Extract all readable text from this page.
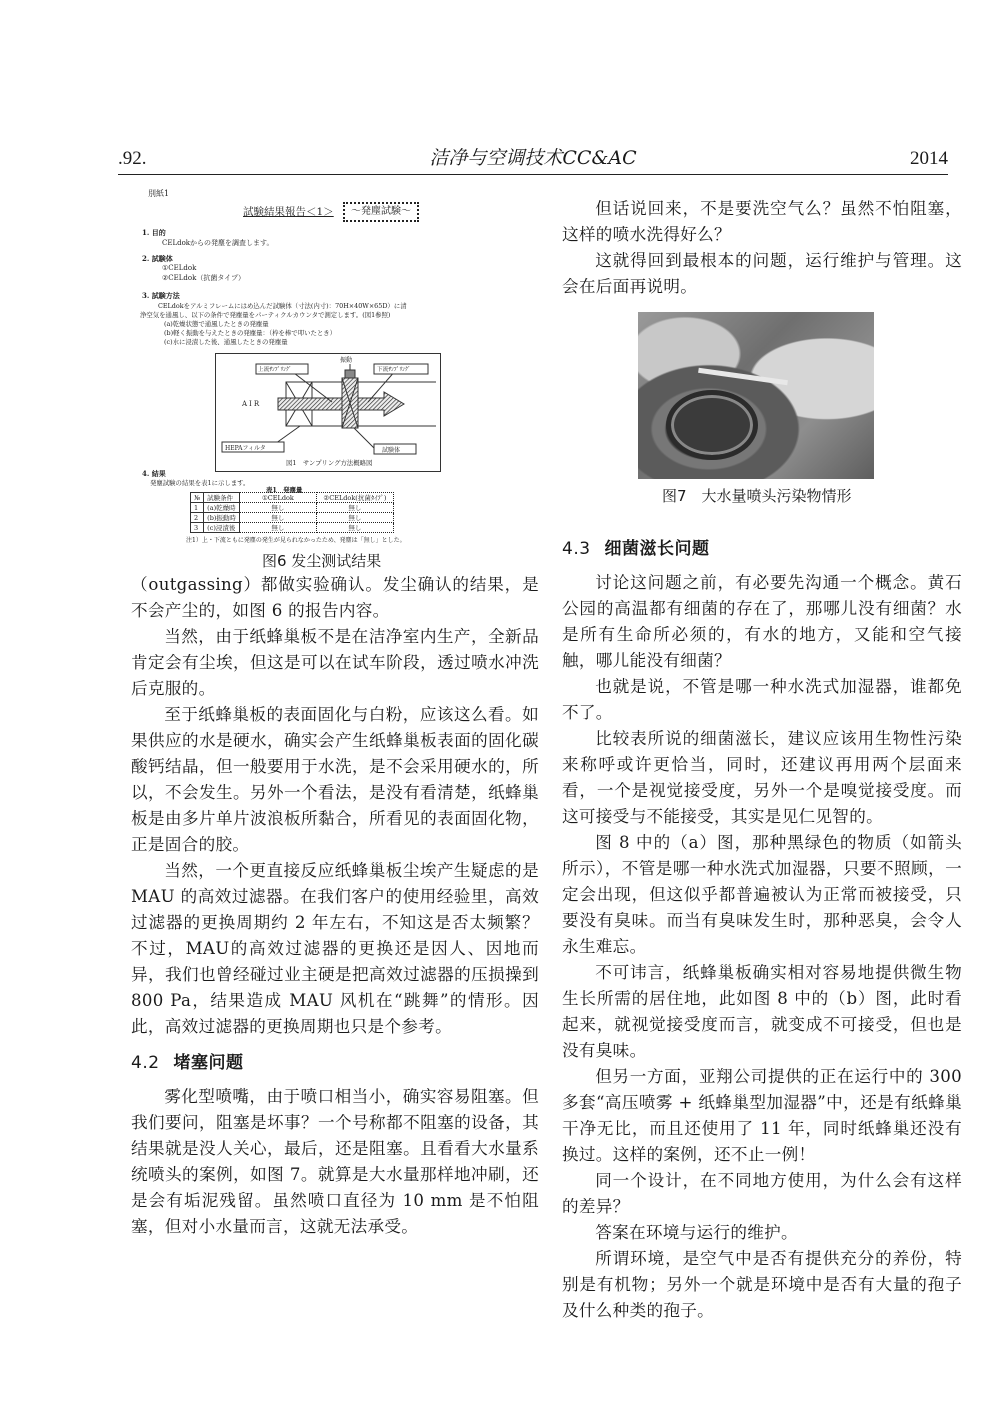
.92.	洁净与空调技术CC&AC	2014
別紙1
試験結果報告＜1＞	～発塵試験～
1. 目的
CELdokからの発塵を調査します。
2. 試験体
①CELdok
②CELdok（抗菌タイプ）
3. 試験方法
CELdokをアルミフレームにはめ込んだ試験体（寸法(内寸)：70H×40W×65D）に清
浄空気を通風し、以下の条件で発塵量をパーティクルカウンタで測定します。(図1参照)
(a)乾燥状態で通風したときの発塵量
(b)軽く振動を与えたときの発塵量：（枠を棒で叩いたとき）
(c)水に浸漬した後、通風したときの発塵量
振動
上流ｻﾝﾌﾟﾘﾝｸﾞ	下流ｻﾝﾌﾟﾘﾝｸﾞ
AIR
HEPAフィルタ	試験体
図1　サンプリング方法概略図
4. 結果
発塵試験の結果を表1に示します。
表1　発塵量
№	試験条件	①CELdok	②CELdok(抗菌ﾀｲﾌﾟ)
1	(a)乾燥時	無し	無し
2	(b)振動時	無し	無し
3	(c)浸漬後	無し	無し
注1）上・下流ともに発塵の発生が見られなかったため、発塵は「無し」とした。
图6 发尘测试结果
图7　大水量喷头污染物情形

（outgassing）都做实验确认。发尘确认的结果，是不会产尘的，如图 6 的报告内容。

当然，由于纸蜂巢板不是在洁净室内生产，全新品肯定会有尘埃，但这是可以在试车阶段，透过喷水冲洗后克服的。

至于纸蜂巢板的表面固化与白粉，应该这么看。如果供应的水是硬水，确实会产生纸蜂巢板表面的固化碳酸钙结晶，但一般要用于水洗，是不会采用硬水的，所以，不会发生。另外一个看法，是没有看清楚，纸蜂巢板是由多片单片波浪板所黏合，所看见的表面固化物，正是固合的胶。

当然，一个更直接反应纸蜂巢板尘埃产生疑虑的是 MAU 的高效过滤器。在我们客户的使用经验里，高效过滤器的更换周期约 2 年左右，不知这是否太频繁？不过，MAU的高效过滤器的更换还是因人、因地而异，我们也曾经碰过业主硬是把高效过滤器的压损操到 800 Pa，结果造成 MAU 风机在“跳舞”的情形。因此，高效过滤器的更换周期也只是个参考。

4.2 堵塞问题

雾化型喷嘴，由于喷口相当小，确实容易阻塞。但我们要问，阻塞是坏事？一个号称都不阻塞的设备，其结果就是没人关心，最后，还是阻塞。且看看大水量系统喷头的案例，如图 7。就算是大水量那样地冲刷，还是会有垢泥残留。虽然喷口直径为 10 mm 是不怕阻塞，但对小水量而言，这就无法承受。

但话说回来，不是要洗空气么？虽然不怕阻塞，这样的喷水洗得好么？

这就得回到最根本的问题，运行维护与管理。这会在后面再说明。

4.3 细菌滋长问题

讨论这问题之前，有必要先沟通一个概念。黄石公园的高温都有细菌的存在了，那哪儿没有细菌？水是所有生命所必须的，有水的地方，又能和空气接触，哪儿能没有细菌？

也就是说，不管是哪一种水洗式加湿器，谁都免不了。

比较表所说的细菌滋长，建议应该用生物性污染来称呼或许更恰当，同时，还建议再用两个层面来看，一个是视觉接受度，另外一个是嗅觉接受度。而这可接受与不能接受，其实是见仁见智的。

图 8 中的（a）图，那种黑绿色的物质（如箭头所示），不管是哪一种水洗式加湿器，只要不照顾，一定会出现，但这似乎都普遍被认为正常而被接受，只要没有臭味。而当有臭味发生时，那种恶臭，会令人永生难忘。

不可讳言，纸蜂巢板确实相对容易地提供微生物生长所需的居住地，此如图 8 中的（b）图，此时看起来，就视觉接受度而言，就变成不可接受，但也是没有臭味。

但另一方面，亚翔公司提供的正在运行中的 300 多套“高压喷雾 + 纸蜂巢型加湿器”中，还是有纸蜂巢干净无比，而且还使用了 11 年，同时纸蜂巢还没有换过。这样的案例，还不止一例！

同一个设计，在不同地方使用，为什么会有这样的差异？

答案在环境与运行的维护。

所谓环境，是空气中是否有提供充分的养份，特别是有机物；另外一个就是环境中是否有大量的孢子及什么种类的孢子。
